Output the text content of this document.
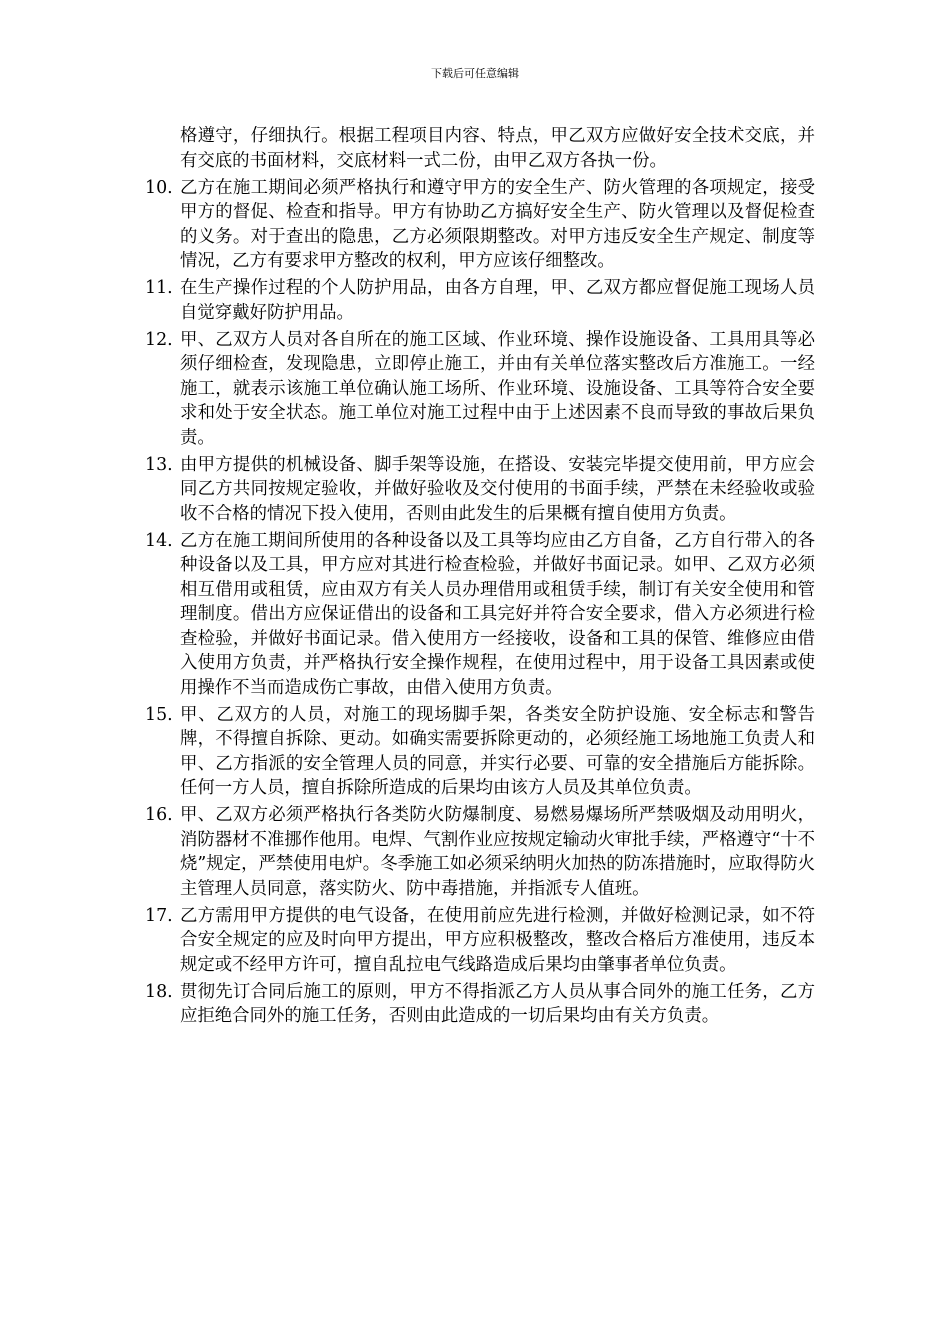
下载后可任意编辑
格遵守，仔细执行。根据工程项目内容、特点，甲乙双方应做好安全技术交底，并有交底的书面材料，交底材料一式二份，由甲乙双方各执一份。
10. 乙方在施工期间必须严格执行和遵守甲方的安全生产、防火管理的各项规定，接受甲方的督促、检查和指导。甲方有协助乙方搞好安全生产、防火管理以及督促检查的义务。对于查出的隐患，乙方必须限期整改。对甲方违反安全生产规定、制度等情况，乙方有要求甲方整改的权利，甲方应该仔细整改。
11. 在生产操作过程的个人防护用品，由各方自理，甲、乙双方都应督促施工现场人员自觉穿戴好防护用品。
12. 甲、乙双方人员对各自所在的施工区域、作业环境、操作设施设备、工具用具等必须仔细检查，发现隐患，立即停止施工，并由有关单位落实整改后方准施工。一经施工，就表示该施工单位确认施工场所、作业环境、设施设备、工具等符合安全要求和处于安全状态。施工单位对施工过程中由于上述因素不良而导致的事故后果负责。
13. 由甲方提供的机械设备、脚手架等设施，在搭设、安装完毕提交使用前，甲方应会同乙方共同按规定验收，并做好验收及交付使用的书面手续，严禁在未经验收或验收不合格的情况下投入使用，否则由此发生的后果概有擅自使用方负责。
14. 乙方在施工期间所使用的各种设备以及工具等均应由乙方自备，乙方自行带入的各种设备以及工具，甲方应对其进行检查检验，并做好书面记录。如甲、乙双方必须相互借用或租赁，应由双方有关人员办理借用或租赁手续，制订有关安全使用和管理制度。借出方应保证借出的设备和工具完好并符合安全要求，借入方必须进行检查检验，并做好书面记录。借入使用方一经接收，设备和工具的保管、维修应由借入使用方负责，并严格执行安全操作规程，在使用过程中，用于设备工具因素或使用操作不当而造成伤亡事故，由借入使用方负责。
15. 甲、乙双方的人员，对施工的现场脚手架，各类安全防护设施、安全标志和警告牌，不得擅自拆除、更动。如确实需要拆除更动的，必须经施工场地施工负责人和甲、乙方指派的安全管理人员的同意，并实行必要、可靠的安全措施后方能拆除。任何一方人员，擅自拆除所造成的后果均由该方人员及其单位负责。
16. 甲、乙双方必须严格执行各类防火防爆制度、易燃易爆场所严禁吸烟及动用明火，消防器材不准挪作他用。电焊、气割作业应按规定输动火审批手续，严格遵守“十不烧”规定，严禁使用电炉。冬季施工如必须采纳明火加热的防冻措施时，应取得防火主管理人员同意，落实防火、防中毒措施，并指派专人值班。
17. 乙方需用甲方提供的电气设备，在使用前应先进行检测，并做好检测记录，如不符合安全规定的应及时向甲方提出，甲方应积极整改，整改合格后方准使用，违反本规定或不经甲方许可，擅自乱拉电气线路造成后果均由肇事者单位负责。
18. 贯彻先订合同后施工的原则，甲方不得指派乙方人员从事合同外的施工任务，乙方应拒绝合同外的施工任务，否则由此造成的一切后果均由有关方负责。
